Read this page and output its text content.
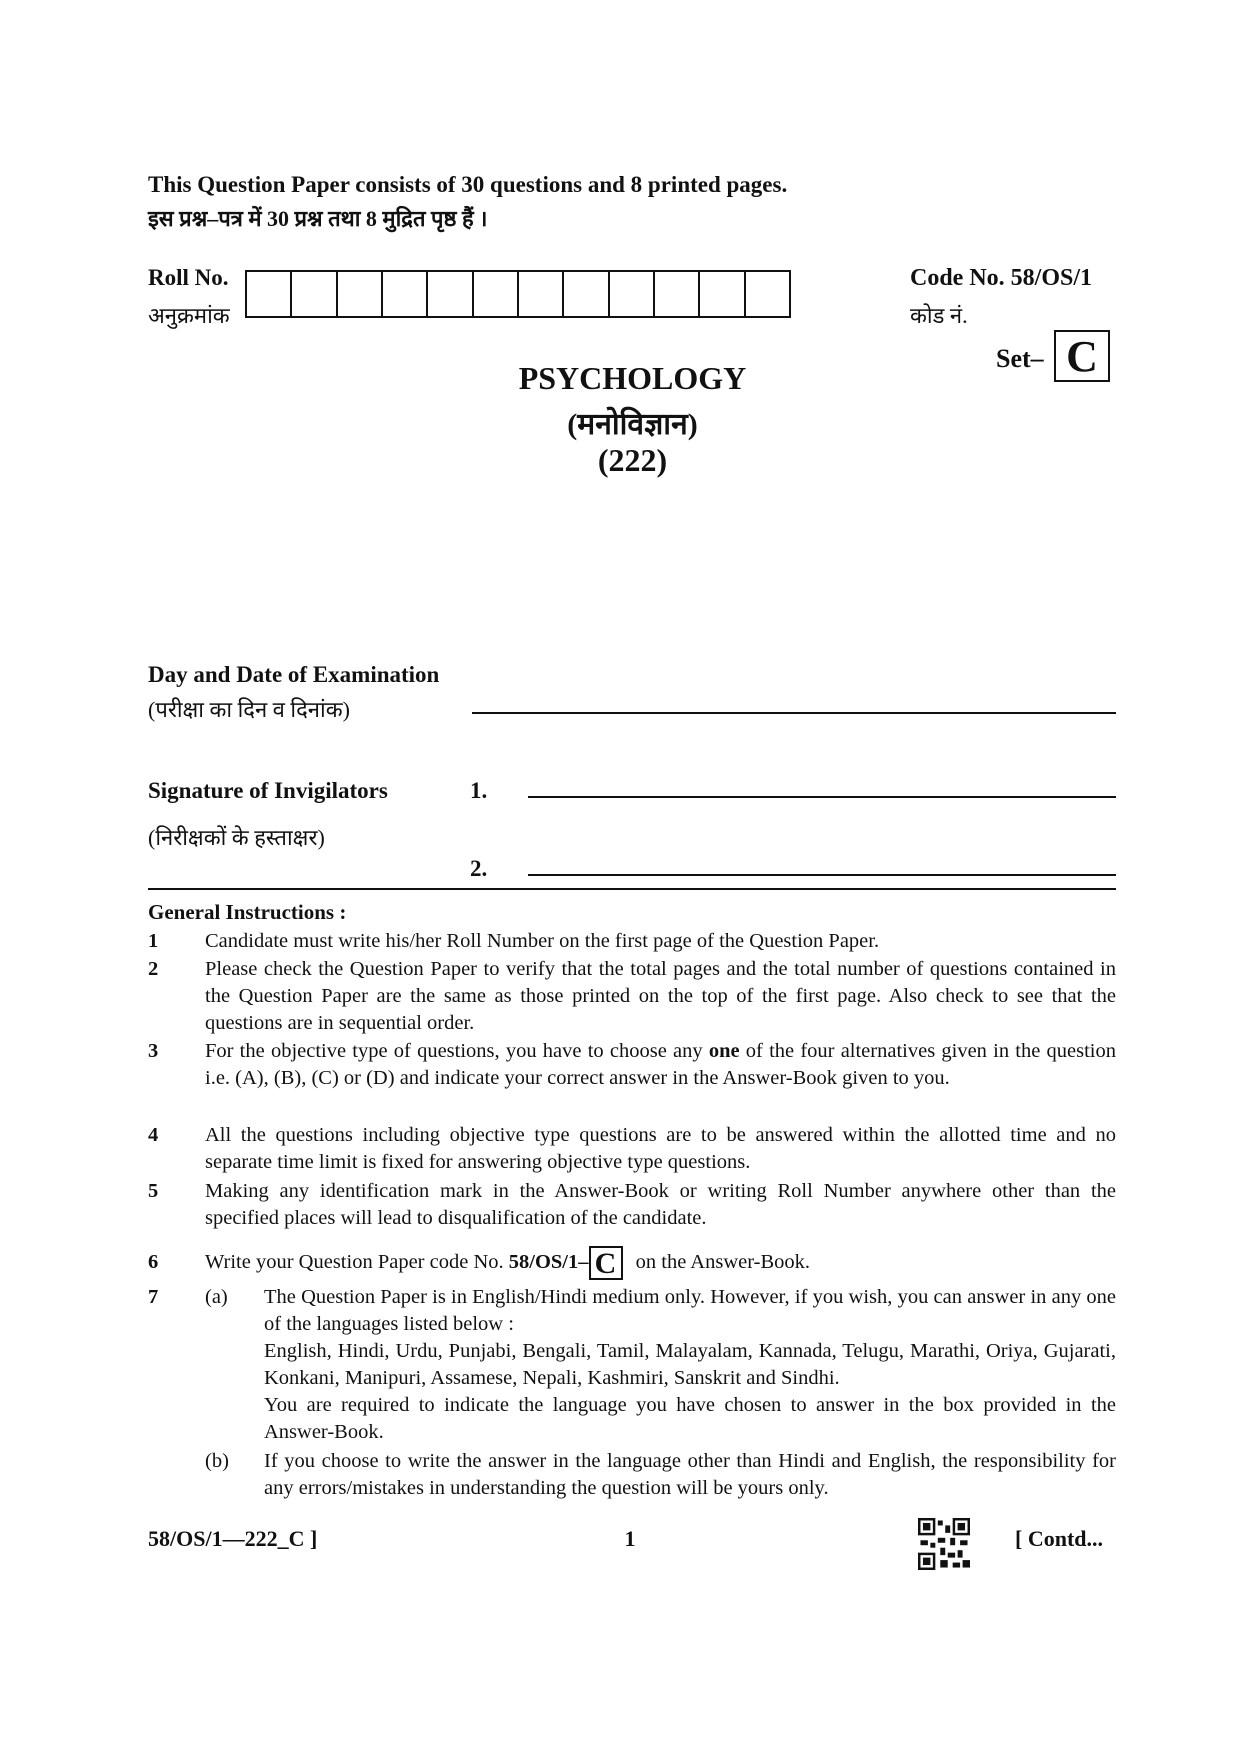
This Question Paper consists of 30 questions and 8 printed pages.
इस प्रश्न–पत्र में 30 प्रश्न तथा 8 मुद्रित पृष्ठ हैं ।
Roll No.
अनुक्रमांक
Code No. 58/OS/1
कोड नं.
Set– C
PSYCHOLOGY
(मनोविज्ञान)
(222)
Day and Date of Examination
(परीक्षा का दिन व दिनांक)
Signature of Invigilators
(निरीक्षकों के हस्ताक्षर)
1.
2.
General Instructions :
1 Candidate must write his/her Roll Number on the first page of the Question Paper.
2 Please check the Question Paper to verify that the total pages and the total number of questions contained in the Question Paper are the same as those printed on the top of the first page. Also check to see that the questions are in sequential order.
3 For the objective type of questions, you have to choose any one of the four alternatives given in the question i.e. (A), (B), (C) or (D) and indicate your correct answer in the Answer-Book given to you.
4 All the questions including objective type questions are to be answered within the allotted time and no separate time limit is fixed for answering objective type questions.
5 Making any identification mark in the Answer-Book or writing Roll Number anywhere other than the specified places will lead to disqualification of the candidate.
6 Write your Question Paper code No. 58/OS/1– C on the Answer-Book.
7 (a) The Question Paper is in English/Hindi medium only. However, if you wish, you can answer in any one of the languages listed below :
English, Hindi, Urdu, Punjabi, Bengali, Tamil, Malayalam, Kannada, Telugu, Marathi, Oriya, Gujarati, Konkani, Manipuri, Assamese, Nepali, Kashmiri, Sanskrit and Sindhi.
You are required to indicate the language you have chosen to answer in the box provided in the Answer-Book.
(b) If you choose to write the answer in the language other than Hindi and English, the responsibility for any errors/mistakes in understanding the question will be yours only.
58/OS/1—222_C ]	1	[ Contd...
